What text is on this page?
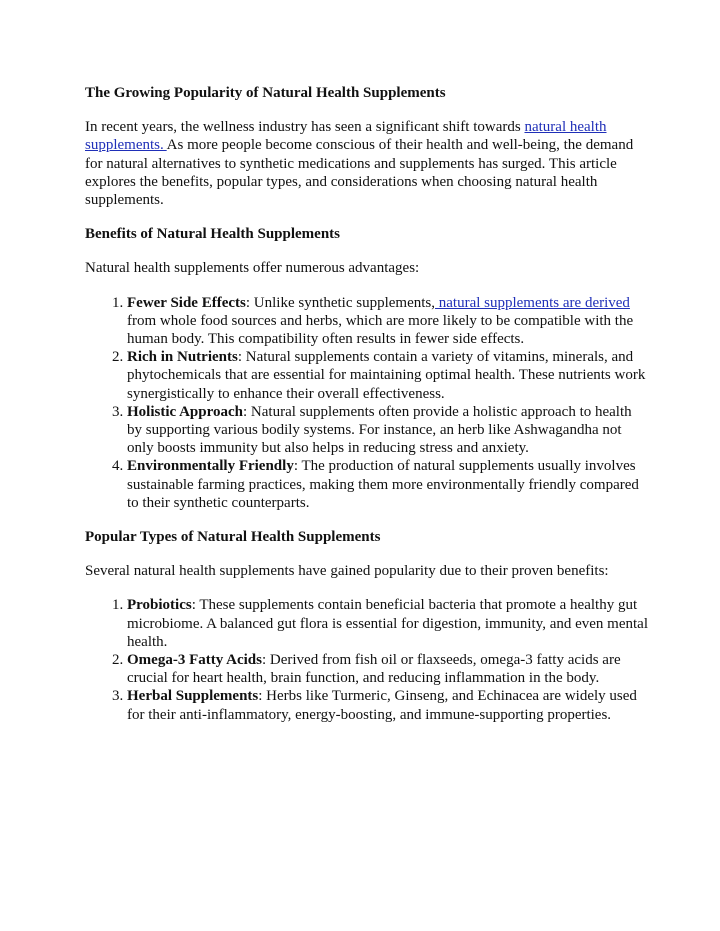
The Growing Popularity of Natural Health Supplements

In recent years, the wellness industry has seen a significant shift towards natural health supplements. As more people become conscious of their health and well-being, the demand for natural alternatives to synthetic medications and supplements has surged. This article explores the benefits, popular types, and considerations when choosing natural health supplements.

Benefits of Natural Health Supplements

Natural health supplements offer numerous advantages:

1. Fewer Side Effects: Unlike synthetic supplements, natural supplements are derived from whole food sources and herbs, which are more likely to be compatible with the human body. This compatibility often results in fewer side effects.
2. Rich in Nutrients: Natural supplements contain a variety of vitamins, minerals, and phytochemicals that are essential for maintaining optimal health. These nutrients work synergistically to enhance their overall effectiveness.
3. Holistic Approach: Natural supplements often provide a holistic approach to health by supporting various bodily systems. For instance, an herb like Ashwagandha not only boosts immunity but also helps in reducing stress and anxiety.
4. Environmentally Friendly: The production of natural supplements usually involves sustainable farming practices, making them more environmentally friendly compared to their synthetic counterparts.
Popular Types of Natural Health Supplements

Several natural health supplements have gained popularity due to their proven benefits:

1. Probiotics: These supplements contain beneficial bacteria that promote a healthy gut microbiome. A balanced gut flora is essential for digestion, immunity, and even mental health.
2. Omega-3 Fatty Acids: Derived from fish oil or flaxseeds, omega-3 fatty acids are crucial for heart health, brain function, and reducing inflammation in the body.
3. Herbal Supplements: Herbs like Turmeric, Ginseng, and Echinacea are widely used for their anti-inflammatory, energy-boosting, and immune-supporting properties.
